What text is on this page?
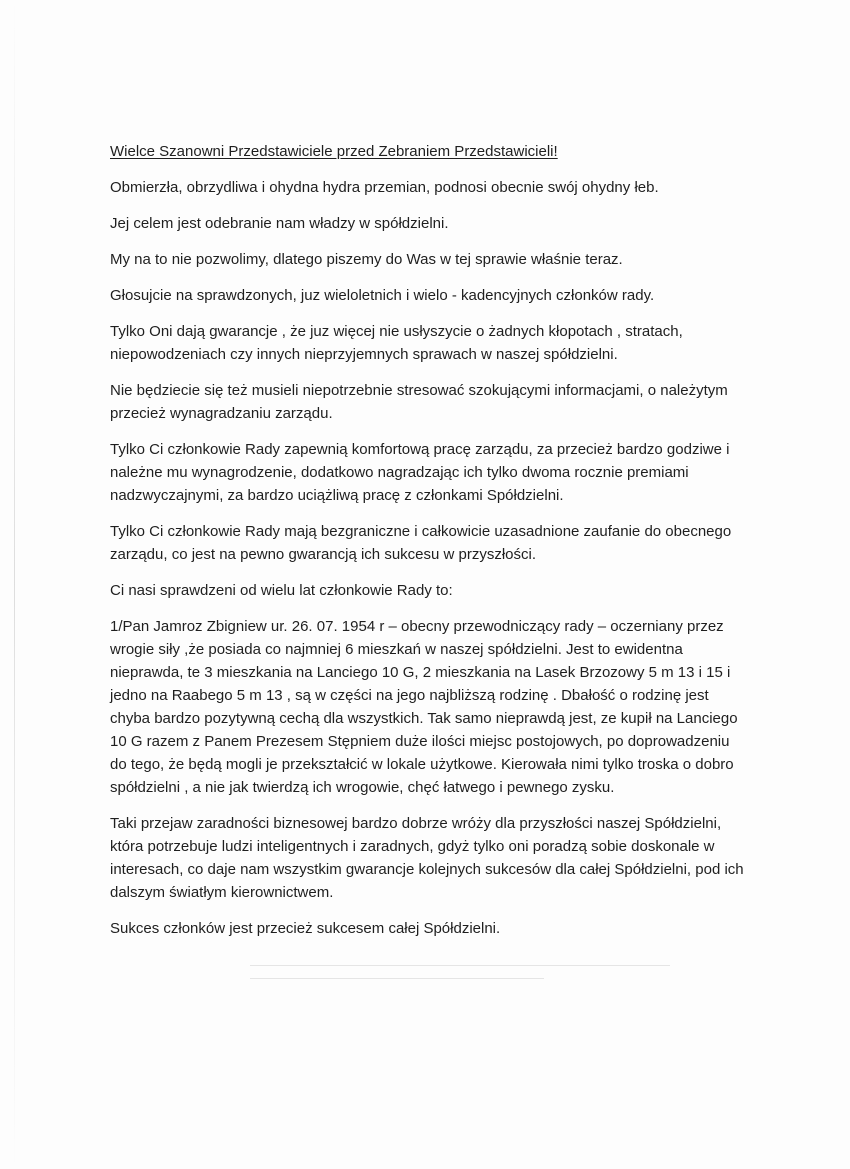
Wielce Szanowni Przedstawiciele przed Zebraniem Przedstawicieli!

Obmierzła, obrzydliwa i ohydna hydra przemian, podnosi obecnie swój ohydny łeb.

Jej celem jest odebranie nam władzy w spółdzielni.

My na to nie pozwolimy, dlatego piszemy do Was w tej sprawie właśnie teraz.

Głosujcie na sprawdzonych, juz wieloletnich i wielo - kadencyjnych członków rady.

Tylko Oni dają gwarancje , że juz więcej nie usłyszycie o żadnych kłopotach , stratach, niepowodzeniach czy innych nieprzyjemnych sprawach w naszej spółdzielni.

Nie będziecie się też musieli niepotrzebnie stresować szokującymi informacjami, o należytym przecież wynagradzaniu zarządu.

Tylko Ci członkowie Rady zapewnią komfortową pracę zarządu, za przecież bardzo godziwe i należne mu wynagrodzenie, dodatkowo nagradzając ich tylko dwoma rocznie premiami nadzwyczajnymi, za bardzo uciążliwą pracę z członkami Spółdzielni.

Tylko Ci członkowie Rady mają bezgraniczne i całkowicie uzasadnione zaufanie do obecnego zarządu, co jest na pewno gwarancją ich sukcesu w przyszłości.

Ci nasi sprawdzeni od wielu lat członkowie Rady to:

1/Pan Jamroz Zbigniew ur. 26. 07. 1954 r – obecny przewodniczący rady – oczerniany przez wrogie siły ,że posiada co najmniej 6 mieszkań w naszej spółdzielni. Jest to ewidentna nieprawda, te 3 mieszkania na Lanciego 10 G, 2 mieszkania na Lasek Brzozowy 5 m 13 i 15 i jedno na Raabego 5 m 13 , są w części na jego najbliższą rodzinę . Dbałość o rodzinę jest chyba bardzo pozytywną cechą dla wszystkich. Tak samo nieprawdą jest, ze kupił na Lanciego 10 G razem z Panem Prezesem Stępniem duże ilości miejsc postojowych, po doprowadzeniu do tego, że będą mogli je przekształcić w lokale użytkowe. Kierowała nimi tylko troska o dobro spółdzielni , a nie jak twierdzą ich wrogowie, chęć łatwego i pewnego zysku.

Taki przejaw zaradności biznesowej bardzo dobrze wróży dla przyszłości naszej Spółdzielni, która potrzebuje ludzi inteligentnych i zaradnych, gdyż tylko oni poradzą sobie doskonale w interesach, co daje nam wszystkim gwarancje kolejnych sukcesów dla całej Spółdzielni, pod ich dalszym światłym kierownictwem.

Sukces członków jest przecież sukcesem całej Spółdzielni.
